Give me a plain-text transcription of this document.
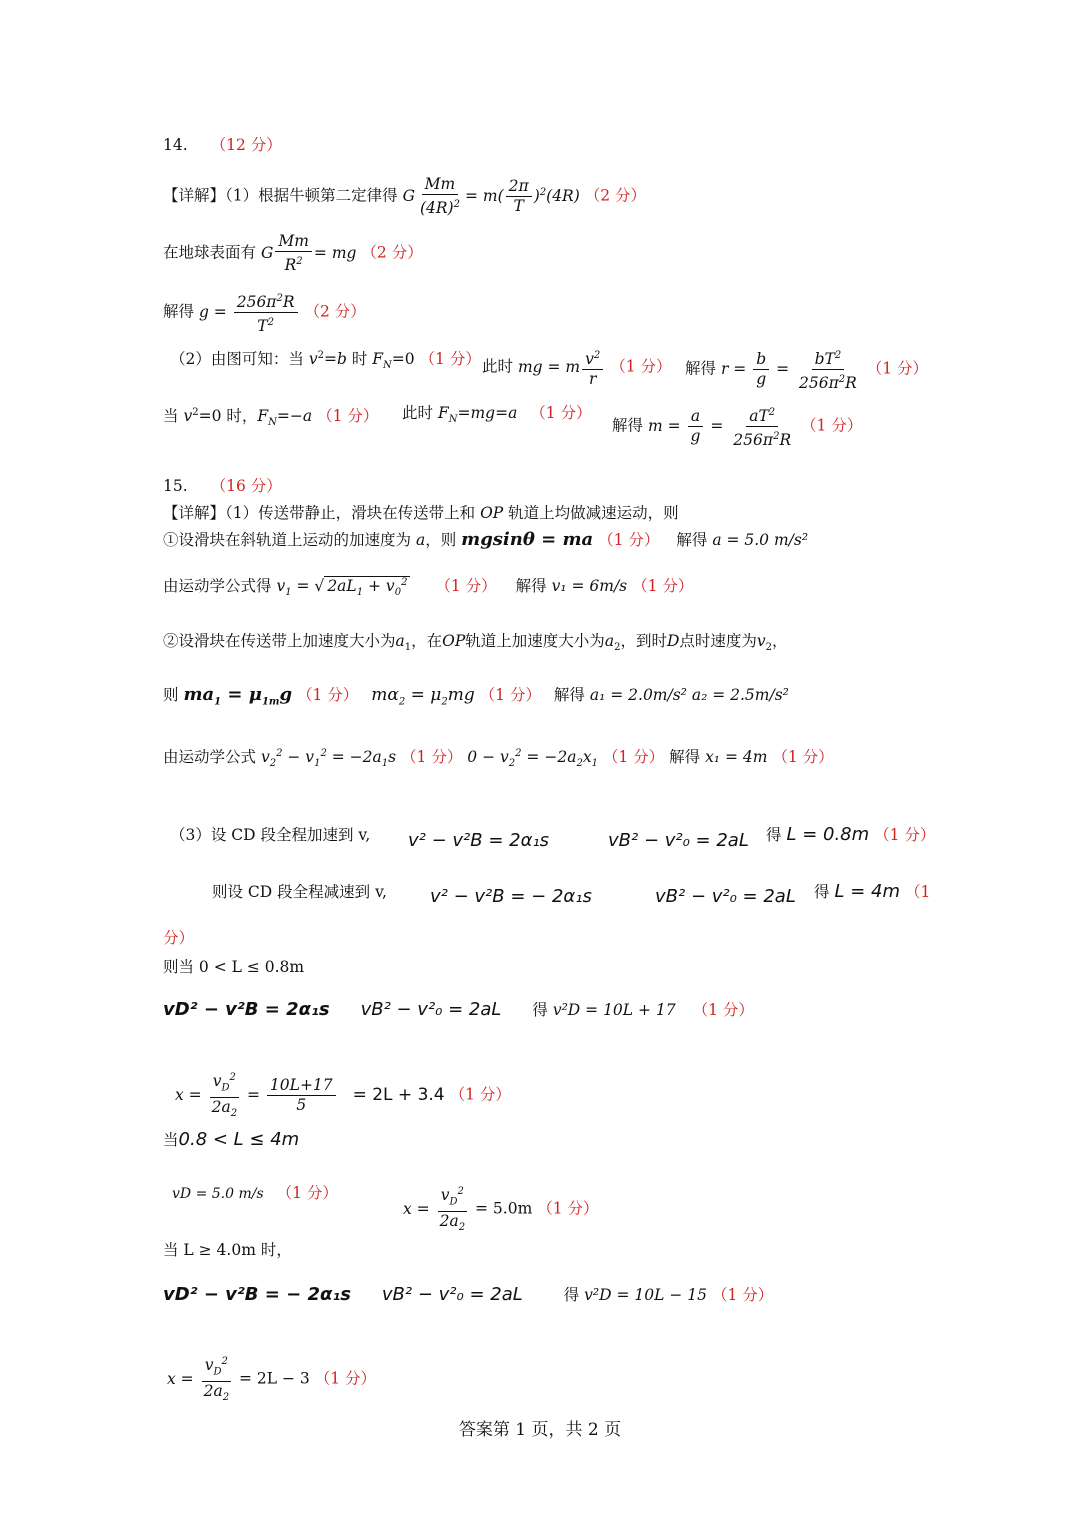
14. （12 分）
【详解】（1）根据牛顿第二定律得 G $\frac{Mm}{(4R)^2} = m( \frac{2\pi}{T} )^2(4R)$ （2 分）
在地球表面有 G $\frac{Mm}{R^2}$ = mg （2 分）
解得 $g = \frac{256\pi^2R}{T^2} (2$ 分）
（2）由图可知：当 $v^2=b$ 时 $F_N=0$ （1 分） 此时 mg = m $\frac{v^2}{r} (1$ 分） 解得 $r = \frac{b}{g} = \frac{bT^2}{256\pi^2R} (1$ 分）
当 $v^2=0$ 时，$F_N=-a$ （1 分） 此时 $F_N=mg=a$ （1 分）
解得 $m = \frac{a}{g} = \frac{aT^2}{256\pi^2R} (1$ 分）
15. （16 分）
【详解】（1）传送带静止，滑块在传送带上和 OP 轨道上均做减速运动，则
①设滑块在斜轨道上运动的加速度为 a，则 mgsinθ = ma （1 分） 解得 a = 5.0 m/s²
由运动学公式得 $v_1$ = √ $2aL_1 + v_0^2$ （1 分） 解得 v₁ = 6m/s （1 分）
②设滑块在传送带上加速度大小为$a_1$，在OP轨道上加速度大小为$a_2$，到时D点时速度为$v_2$，
则 $ma_1 = \mu_{1m}g$ （1 分） $m\alpha_2 = \mu_2mg$ （1 分） 解得 a₁ = 2.0m/s² a₂ = 2.5m/s²
由运动学公式 $v_2^2 - v_1^2 = -2a_1s$ （1 分） $0 - v_2^2 = -2a_2x_1$ （1 分） 解得 x₁ = 4m （1 分）
（3）设 CD 段全程加速到 v, v² − v²B = 2α₁s	vB² − v²₀ = 2aL 得 L = 0.8m （1 分）
则设 CD 段全程减速到 v, v² − v²B = − 2α₁s	vB² − v²₀ = 2aL 得 L = 4m （1
分）
则当 0 < L ≤ 0.8m
vD² − v²B = 2α₁s vB² − v²₀ = 2aL 得 v²D = 10L + 17 （1 分）
$x = \frac{v_D^2}{2a_2} = \frac{10L+17}{5} = 2L + 3.4$ （1 分）
当0.8 < L ≤ 4m
vD = 5.0 m/s （1 分）
$x = \frac{v_D^2}{2a_2} = 5.0m$ （1 分）
当 L ≥ 4.0m 时，
vD² − v²B = − 2α₁s vB² − v²₀ = 2aL	得 v²D = 10L − 15 （1 分）
$x = \frac{v_D^2}{2a_2} = 2L - 3$ （1 分）
答案第 1 页，共 2 页
